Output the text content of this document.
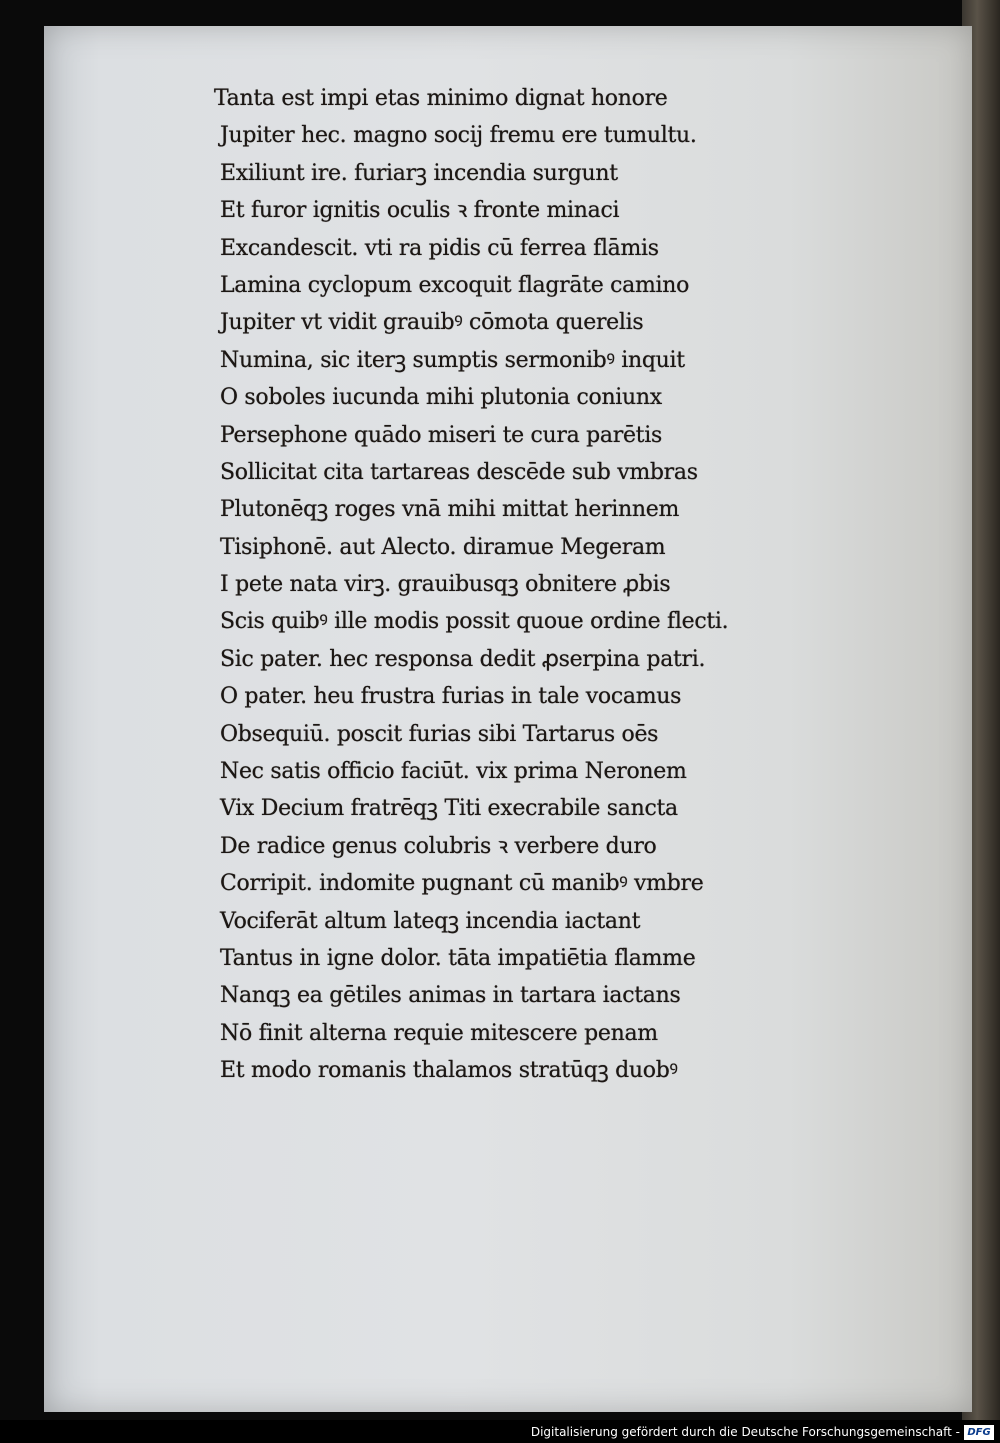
Tanta est impi etas minimo dignat honore
Jupiter hec. magno socij fremu ere tumultu.
Exiliunt ire. furiarꝫ incendia surgunt
Et furor ignitis oculis ꝛ fronte minaci
Excandescit. vti ra pidis cū ferrea flāmis
Lamina cyclopum excoquit flagrāte camino
Jupiter vt vidit grauibꝰ cōmota querelis
Numina, sic iterꝫ sumptis sermonibꝰ inquit
O soboles iucunda mihi plutonia coniunx
Persephone quādo miseri te cura parētis
Sollicitat cita tartareas descēde sub vmbras
Plutonēqꝫ roges vnā mihi mittat herinnem
Tisiphonē. aut Alecto. diramue Megeram
I pete nata virꝫ. grauibusqꝫ obnitere ꝓbis
Scis quibꝰ ille modis possit quoue ordine flecti.
Sic pater. hec responsa dedit ꝓserpina patri.
O pater. heu frustra furias in tale vocamus
Obsequiū. poscit furias sibi Tartarus oēs
Nec satis officio faciūt. vix prima Neronem
Vix Decium fratrēqꝫ Titi execrabile sancta
De radice genus colubris ꝛ verbere duro
Corripit. indomite pugnant cū manibꝰ vmbre
Vociferāt altum lateqꝫ incendia iactant
Tantus in igne dolor. tāta impatiētia flamme
Nanqꝫ ea gētiles animas in tartara iactans
Nō finit alterna requie mitescere penam
Et modo romanis thalamos stratūqꝫ duobꝰ
Digitalisierung gefördert durch die Deutsche Forschungsgemeinschaft - DFG
